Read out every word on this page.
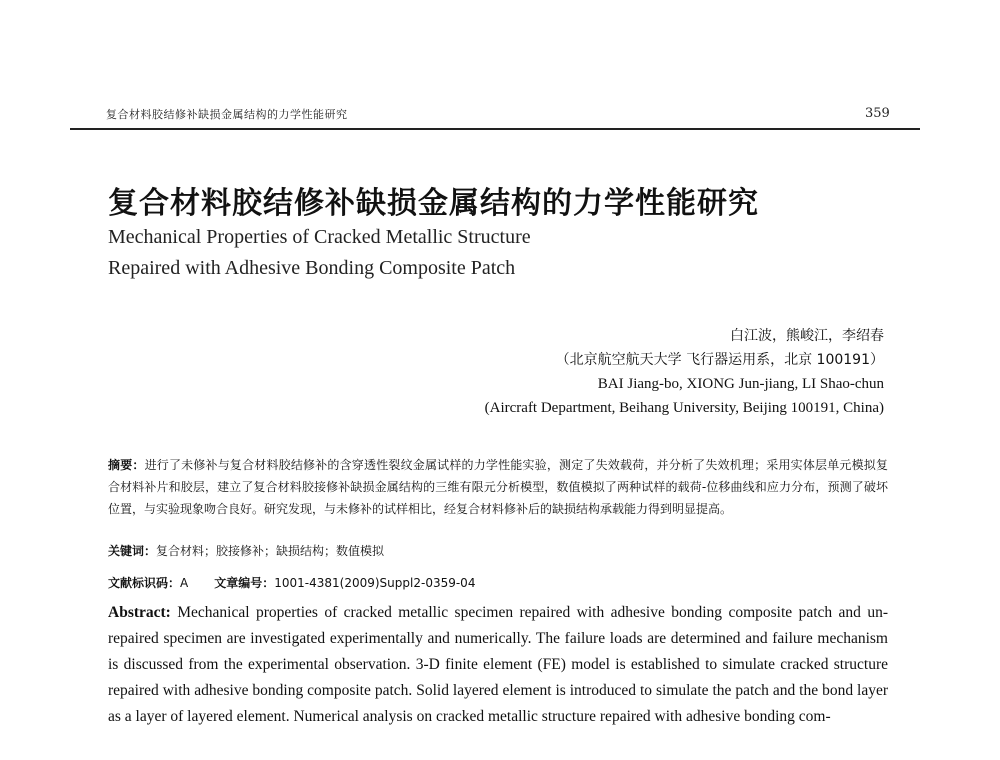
复合材料胶结修补缺损金属结构的力学性能研究	359
复合材料胶结修补缺损金属结构的力学性能研究
Mechanical Properties of Cracked Metallic Structure
Repaired with Adhesive Bonding Composite Patch
白江波，熊峻江，李绍春
（北京航空航天大学 飞行器运用系，北京 100191）
BAI Jiang-bo, XIONG Jun-jiang, LI Shao-chun
(Aircraft Department, Beihang University, Beijing 100191, China)
摘要：进行了未修补与复合材料胶结修补的含穿透性裂纹金属试样的力学性能实验，测定了失效载荷，并分析了失效机理；采用实体层单元模拟复合材料补片和胶层，建立了复合材料胶接修补缺损金属结构的三维有限元分析模型，数值模拟了两种试样的载荷-位移曲线和应力分布，预测了破坏位置，与实验现象吻合良好。研究发现，与未修补的试样相比，经复合材料修补后的缺损结构承载能力得到明显提高。
关键词：复合材料；胶接修补；缺损结构；数值模拟
文献标识码：A 文章编号：1001-4381(2009)Suppl2-0359-04
Abstract: Mechanical properties of cracked metallic specimen repaired with adhesive bonding composite patch and un-repaired specimen are investigated experimentally and numerically. The failure loads are determined and failure mechanism is discussed from the experimental observation. 3-D finite element (FE) model is established to simulate cracked structure repaired with adhesive bonding composite patch. Solid layered element is introduced to simulate the patch and the bond layer as a layer of layered element. Numerical analysis on cracked metallic structure repaired with adhesive bonding com-
